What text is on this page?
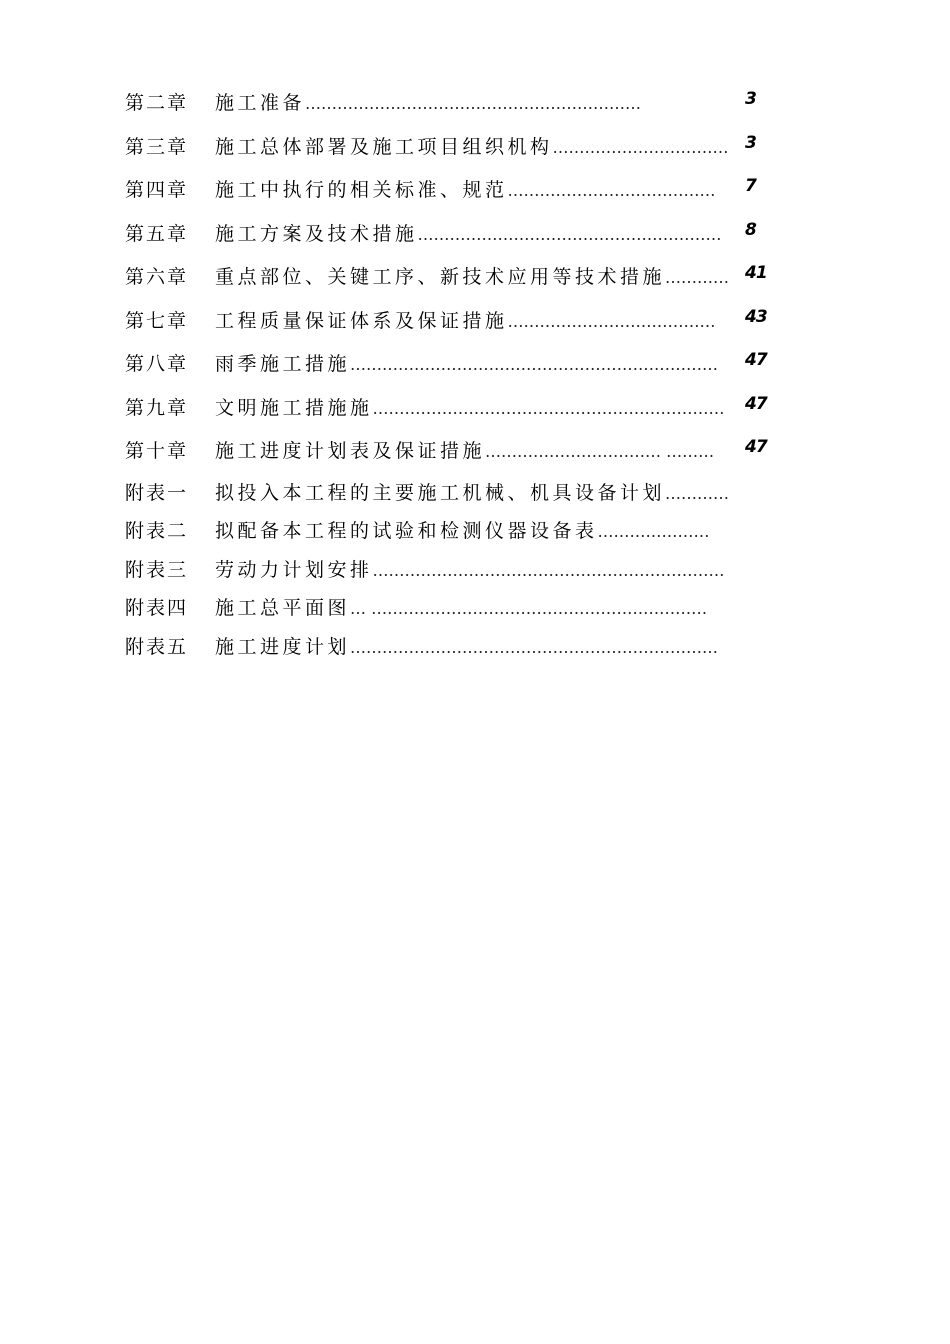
第二章 施工准备………………………………………………………	3
第三章 施工总体部署及施工项目组织机构…………………………… 3
第四章 施工中执行的相关标准、规范………………………………… 7
第五章 施工方案及技术措施………………………………………………… 8
第六章 重点部位、关键工序、新技术应用等技术措施………… 41
第七章 工程质量保证体系及保证措施………………………………… 43
第八章 雨季施工措施…………………………………………………………… 47
第九章 文明施工措施施………………………………………………………… 47
第十章 施工进度计划表及保证措施…………………………… ……… 47
附表一 拟投入本工程的主要施工机械、机具设备计划…………
附表二 拟配备本工程的试验和检测仪器设备表…………………
附表三 劳动力计划安排…………………………………………………………
附表四 施工总平面图… ………………………………………………………
附表五 施工进度计划……………………………………………………………
